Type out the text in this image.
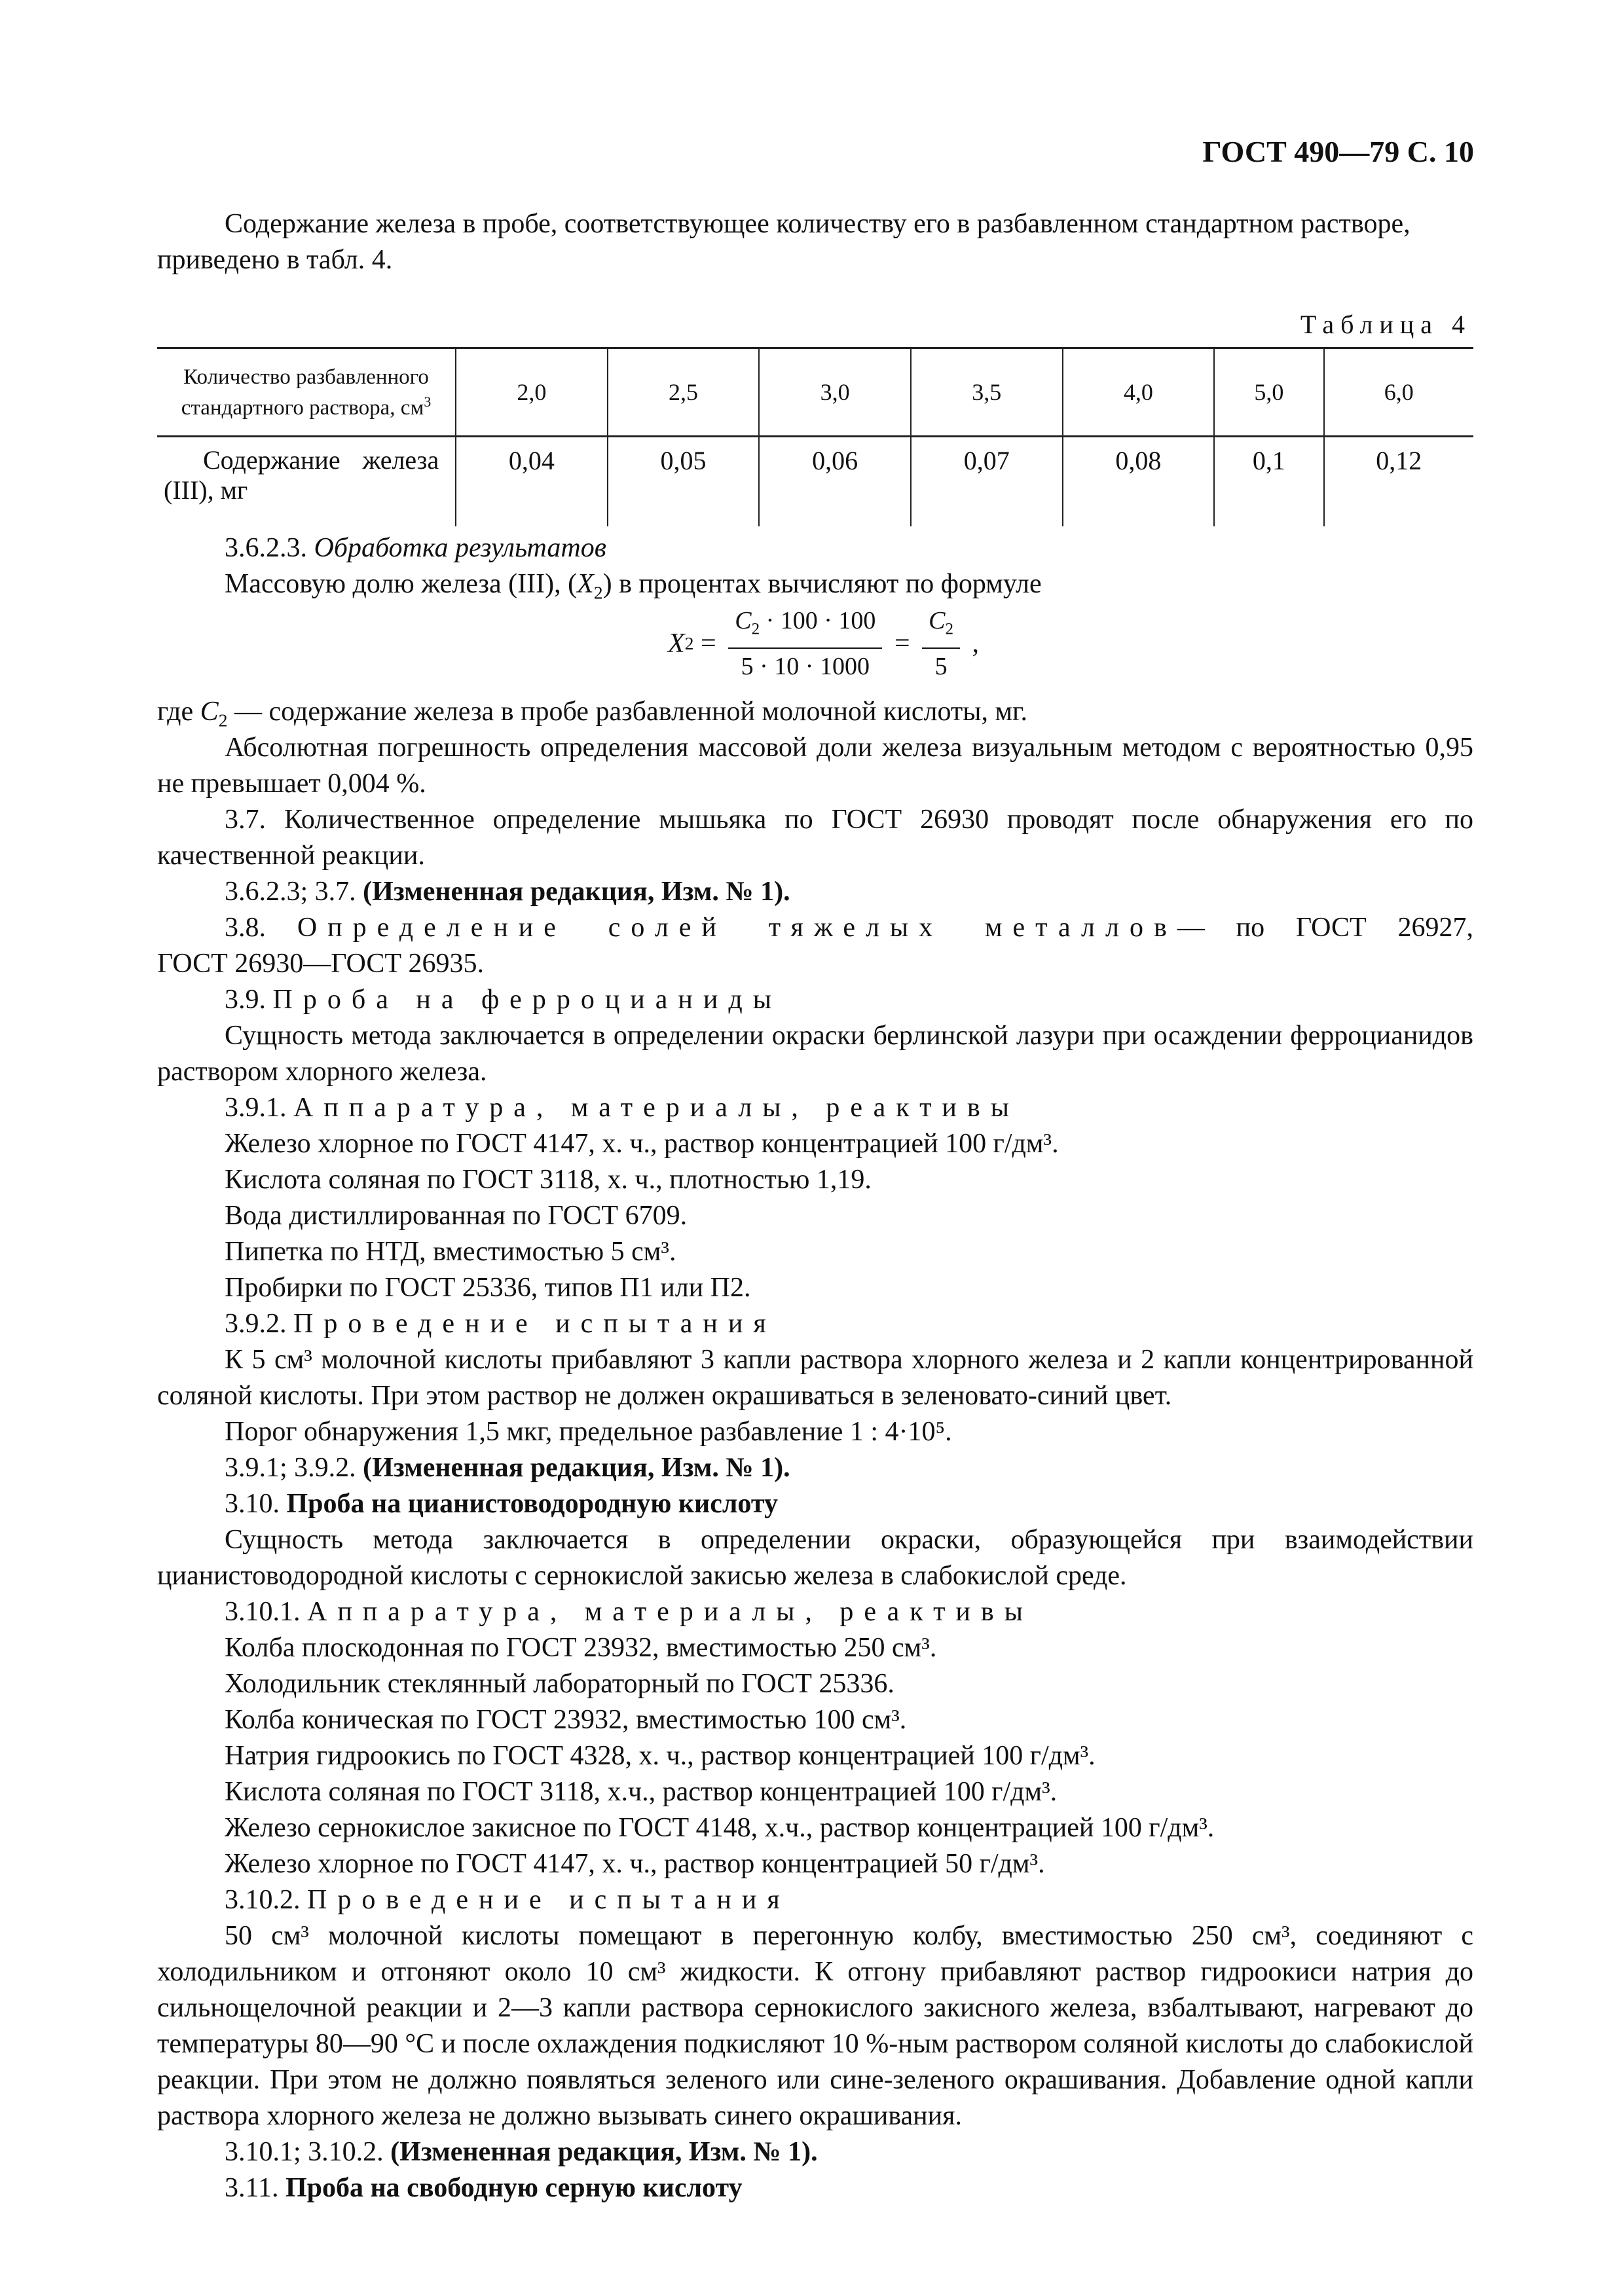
ГОСТ 490—79 С. 10

Содержание железа в пробе, соответствующее количеству его в разбавленном стандартном растворе, приведено в табл. 4.

Таблица 4
Количество разбавленного
стандартного раствора, $см^3$	2,0	2,5	3,0	3,5	4,0	5,0	6,0
Содержание железа
(III), мг	0,04	0,05	0,06	0,07	0,08	0,1	0,12

3.6.2.3. Обработка результатов

Массовую долю железа (III), $(X_2)$ в процентах вычисляют по формуле

X $2 = \frac{C_2 \cdot 100 \cdot 100}{5 \cdot 10 \cdot 1000} = \frac{C_2}{5}$ ,

где $C_2$ — содержание железа в пробе разбавленной молочной кислоты, мг.

Абсолютная погрешность определения массовой доли железа визуальным методом с вероятностью 0,95 не превышает 0,004 %.

3.7. Количественное определение мышьяка по ГОСТ 26930 проводят после обнаружения его по качественной реакции.

3.6.2.3; 3.7. (Измененная редакция, Изм. № 1).

3.8. Определение солей тяжелых металлов— по ГОСТ 26927,

ГОСТ 26930—ГОСТ 26935.

3.9. Проба на ферроцианиды

Сущность метода заключается в определении окраски берлинской лазури при осаждении ферроцианидов раствором хлорного железа.

3.9.1. Аппаратура, материалы, реактивы

Железо хлорное по ГОСТ 4147, х. ч., раствор концентрацией 100 г/дм³.

Кислота соляная по ГОСТ 3118, х. ч., плотностью 1,19.

Вода дистиллированная по ГОСТ 6709.

Пипетка по НТД, вместимостью 5 см³.

Пробирки по ГОСТ 25336, типов П1 или П2.

3.9.2. Проведение испытания

К 5 см³ молочной кислоты прибавляют 3 капли раствора хлорного железа и 2 капли концентрированной соляной кислоты. При этом раствор не должен окрашиваться в зеленовато-синий цвет.

Порог обнаружения 1,5 мкг, предельное разбавление 1 : 4·10⁵.

3.9.1; 3.9.2. (Измененная редакция, Изм. № 1).

3.10. Проба на цианистоводородную кислоту

Сущность метода заключается в определении окраски, образующейся при взаимодействии цианистоводородной кислоты с сернокислой закисью железа в слабокислой среде.

3.10.1. Аппаратура, материалы, реактивы

Колба плоскодонная по ГОСТ 23932, вместимостью 250 см³.

Холодильник стеклянный лабораторный по ГОСТ 25336.

Колба коническая по ГОСТ 23932, вместимостью 100 см³.

Натрия гидроокись по ГОСТ 4328, х. ч., раствор концентрацией 100 г/дм³.

Кислота соляная по ГОСТ 3118, х.ч., раствор концентрацией 100 г/дм³.

Железо сернокислое закисное по ГОСТ 4148, х.ч., раствор концентрацией 100 г/дм³.

Железо хлорное по ГОСТ 4147, х. ч., раствор концентрацией 50 г/дм³.

3.10.2. Проведение испытания

50 см³ молочной кислоты помещают в перегонную колбу, вместимостью 250 см³, соединяют с холодильником и отгоняют около 10 см³ жидкости. К отгону прибавляют раствор гидроокиси натрия до сильнощелочной реакции и 2—3 капли раствора сернокислого закисного железа, взбалтывают, нагревают до температуры 80—90 °С и после охлаждения подкисляют 10 %-ным раствором соляной кислоты до слабокислой реакции. При этом не должно появляться зеленого или сине-зеленого окрашивания. Добавление одной капли раствора хлорного железа не должно вызывать синего окрашивания.

3.10.1; 3.10.2. (Измененная редакция, Изм. № 1).

3.11. Проба на свободную серную кислоту
